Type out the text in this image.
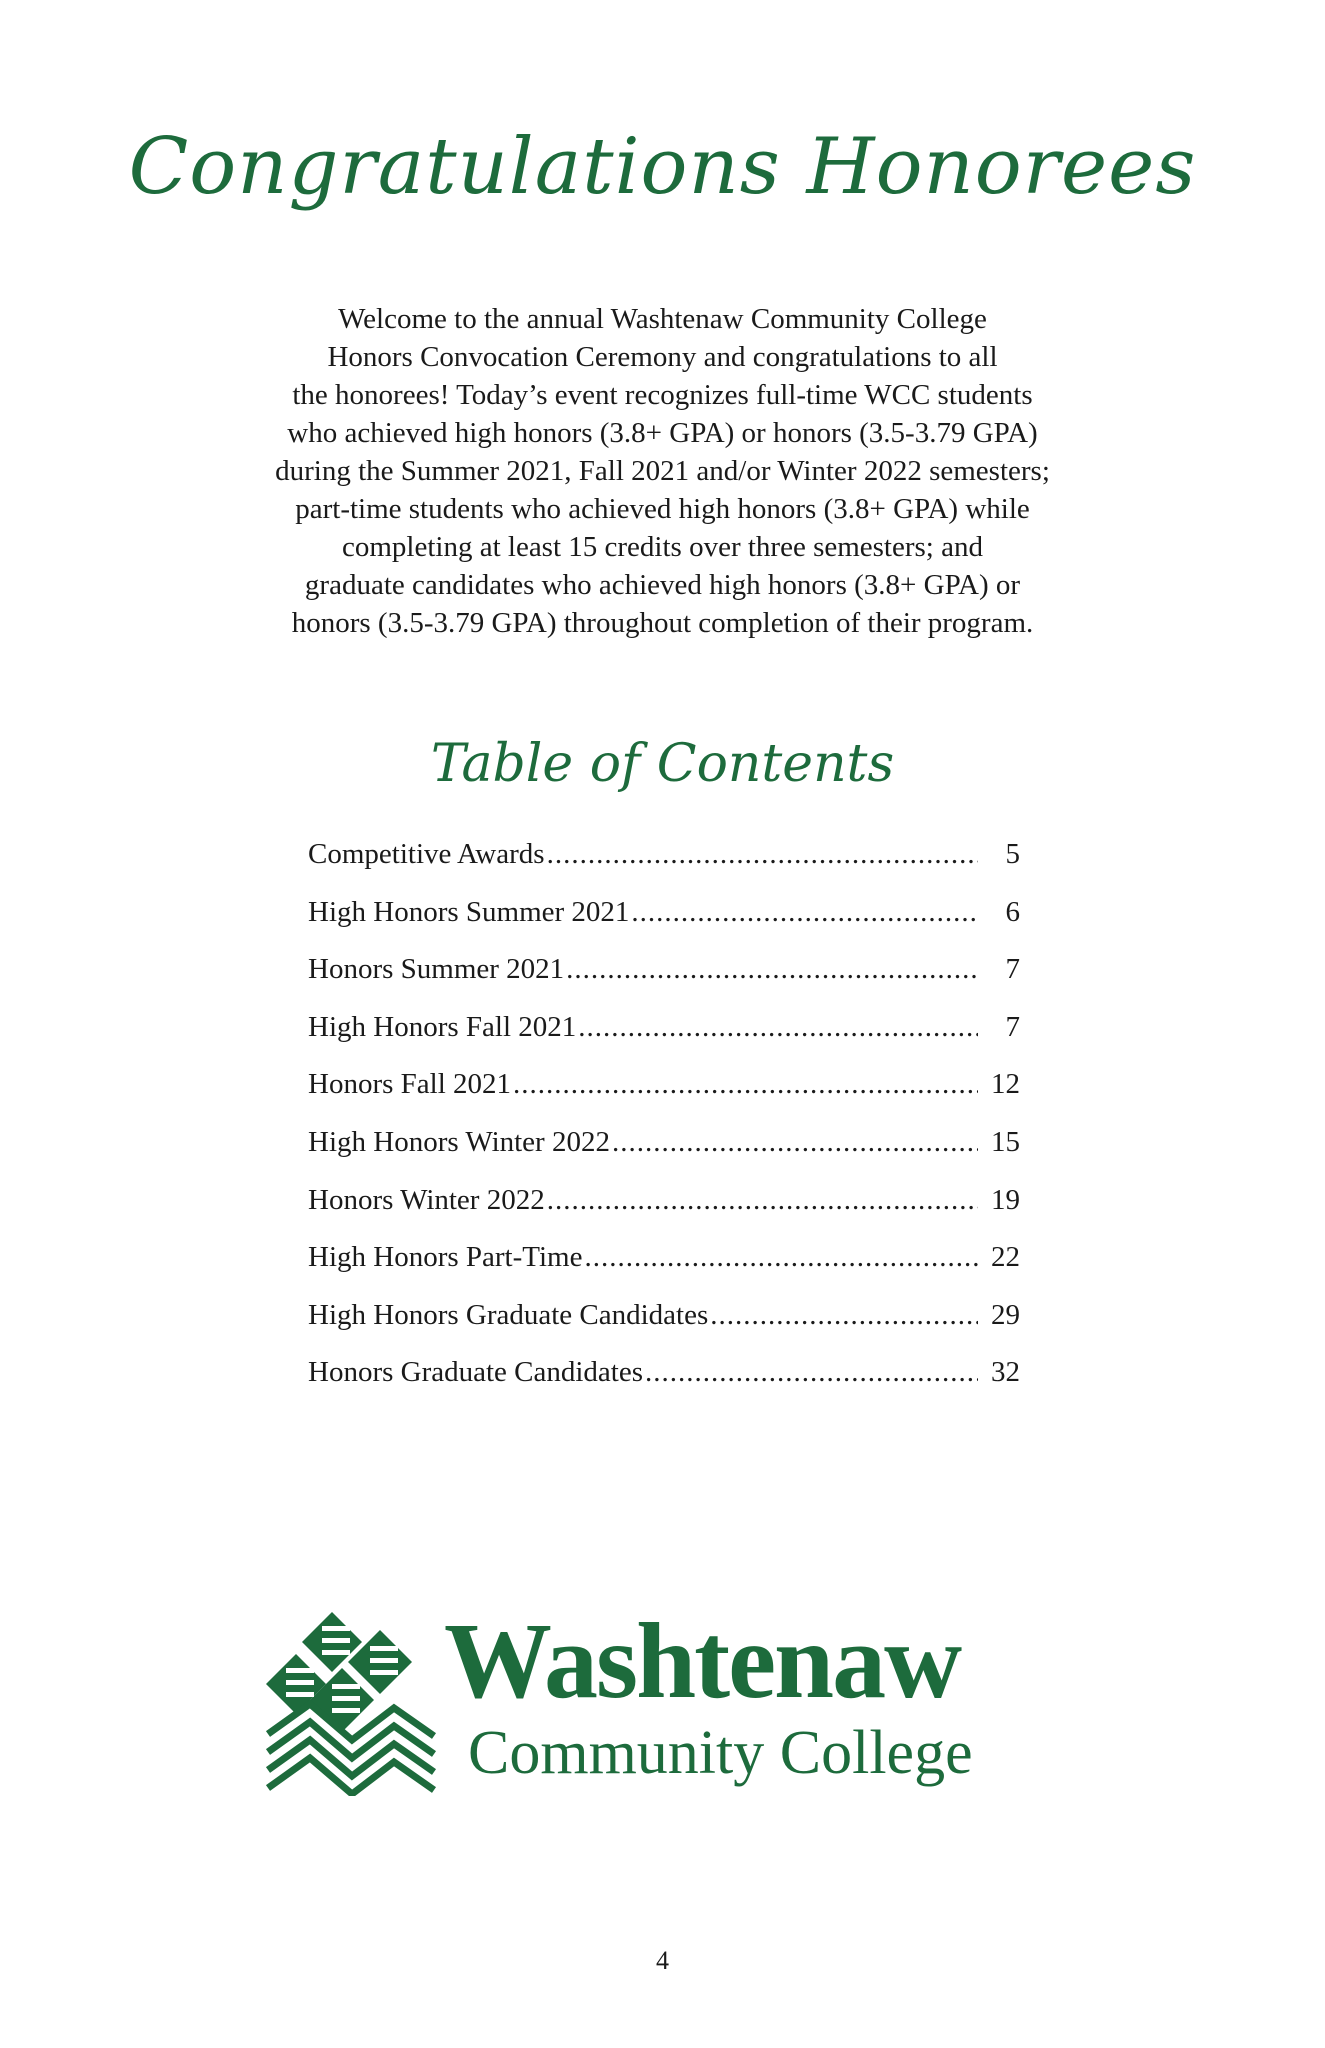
Congratulations Honorees

Welcome to the annual Washtenaw Community College
Honors Convocation Ceremony and congratulations to all
the honorees! Today’s event recognizes full-time WCC students
who achieved high honors (3.8+ GPA) or honors (3.5-3.79 GPA)
during the Summer 2021, Fall 2021 and/or Winter 2022 semesters;
part-time students who achieved high honors (3.8+ GPA) while
completing at least 15 credits over three semesters; and
graduate candidates who achieved high honors (3.8+ GPA) or
honors (3.5-3.79 GPA) throughout completion of their program.

Table of Contents
Competitive Awards .....	5
High Honors Summer 2021 .....	6
Honors Summer 2021 .....	7
High Honors Fall 2021 .....	7
Honors Fall 2021 .....	12
High Honors Winter 2022 .....	15
Honors Winter 2022 .....	19
High Honors Part-Time .....	22
High Honors Graduate Candidates .....	29
Honors Graduate Candidates .....	32
Washtenaw
Community College
4
